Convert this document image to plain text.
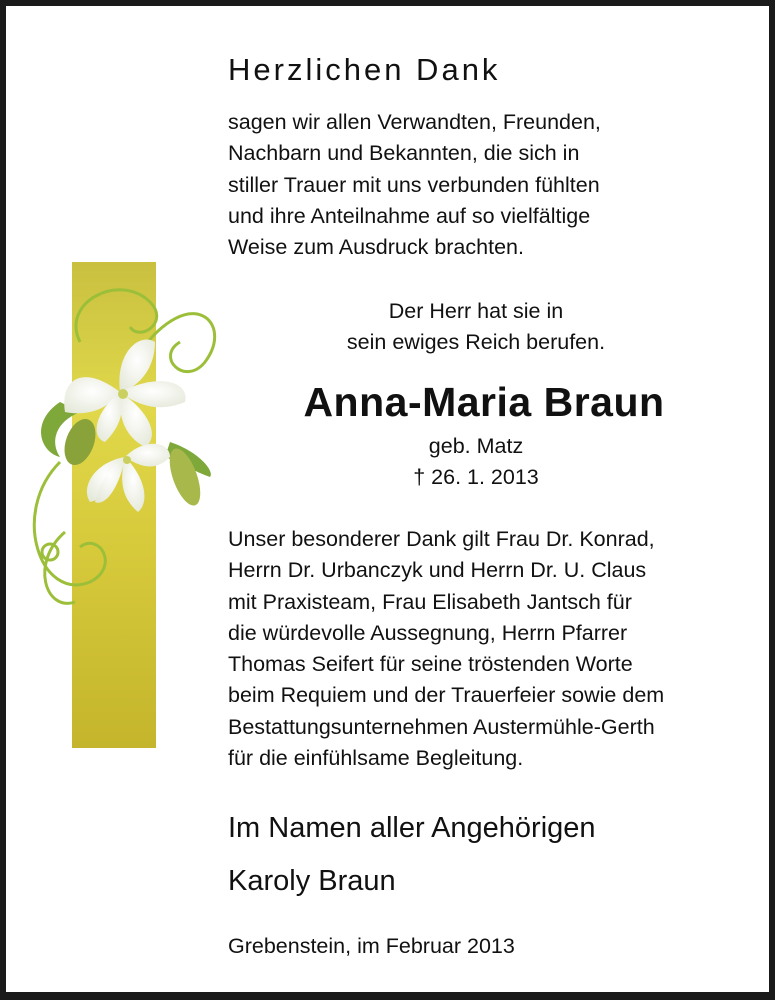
Herzlichen Dank
sagen wir allen Verwandten, Freunden,
Nachbarn und Bekannten, die sich in
stiller Trauer mit uns verbunden fühlten
und ihre Anteilnahme auf so vielfältige
Weise zum Ausdruck brachten.
Der Herr hat sie in
sein ewiges Reich berufen.
Anna-Maria Braun
geb. Matz
† 26. 1. 2013
Unser besonderer Dank gilt Frau Dr. Konrad,
Herrn Dr. Urbanczyk und Herrn Dr. U. Claus
mit Praxisteam, Frau Elisabeth Jantsch für
die würdevolle Aussegnung, Herrn Pfarrer
Thomas Seifert für seine tröstenden Worte
beim Requiem und der Trauerfeier sowie dem
Bestattungsunternehmen Austermühle-Gerth
für die einfühlsame Begleitung.
Im Namen aller Angehörigen
Karoly Braun
Grebenstein, im Februar 2013
